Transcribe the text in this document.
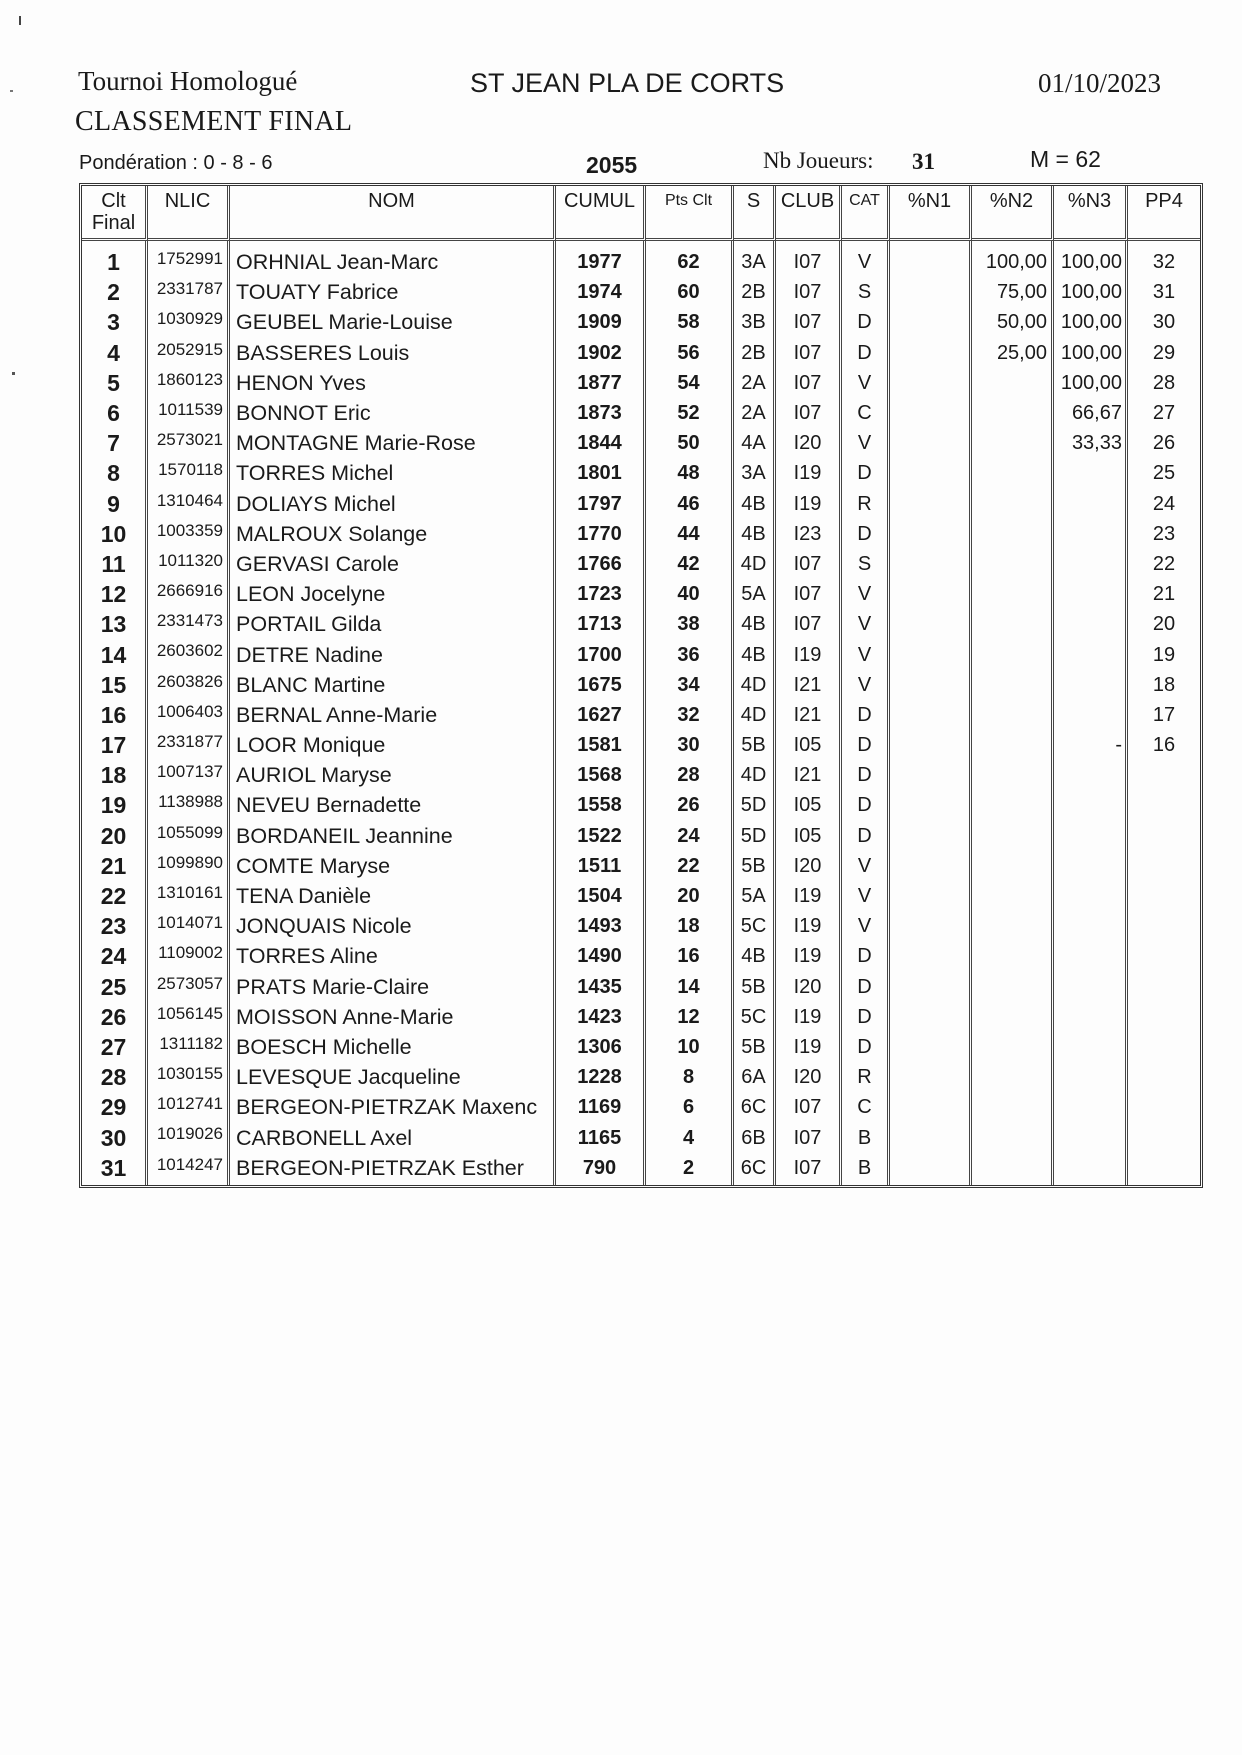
Tournoi Homologué
CLASSEMENT FINAL
ST JEAN PLA DE CORTS	01/10/2023
Pondération : 0 - 8 - 6	2055	Nb Joueurs: 31	M = 62
Clt
Final	NLIC	NOM	CUMUL	Pts Clt	S	CLUB	CAT	%N1	%N2	%N3	PP4
1	1752991	ORHNIAL Jean-Marc	1977	62	3A	I07	V		100,00	100,00	32
2	2331787	TOUATY Fabrice	1974	60	2B	I07	S		75,00	100,00	31
3	1030929	GEUBEL Marie-Louise	1909	58	3B	I07	D		50,00	100,00	30
4	2052915	BASSERES Louis	1902	56	2B	I07	D		25,00	100,00	29
5	1860123	HENON Yves	1877	54	2A	I07	V			100,00	28
6	1011539	BONNOT Eric	1873	52	2A	I07	C			66,67	27
7	2573021	MONTAGNE Marie-Rose	1844	50	4A	I20	V			33,33	26
8	1570118	TORRES Michel	1801	48	3A	I19	D				25
9	1310464	DOLIAYS Michel	1797	46	4B	I19	R				24
10	1003359	MALROUX Solange	1770	44	4B	I23	D				23
11	1011320	GERVASI Carole	1766	42	4D	I07	S				22
12	2666916	LEON Jocelyne	1723	40	5A	I07	V				21
13	2331473	PORTAIL Gilda	1713	38	4B	I07	V				20
14	2603602	DETRE Nadine	1700	36	4B	I19	V				19
15	2603826	BLANC Martine	1675	34	4D	I21	V				18
16	1006403	BERNAL Anne-Marie	1627	32	4D	I21	D				17
17	2331877	LOOR Monique	1581	30	5B	I05	D			-	16
18	1007137	AURIOL Maryse	1568	28	4D	I21	D				
19	1138988	NEVEU Bernadette	1558	26	5D	I05	D				
20	1055099	BORDANEIL Jeannine	1522	24	5D	I05	D				
21	1099890	COMTE Maryse	1511	22	5B	I20	V				
22	1310161	TENA Danièle	1504	20	5A	I19	V				
23	1014071	JONQUAIS Nicole	1493	18	5C	I19	V				
24	1109002	TORRES Aline	1490	16	4B	I19	D				
25	2573057	PRATS Marie-Claire	1435	14	5B	I20	D				
26	1056145	MOISSON Anne-Marie	1423	12	5C	I19	D				
27	1311182	BOESCH Michelle	1306	10	5B	I19	D				
28	1030155	LEVESQUE Jacqueline	1228	8	6A	I20	R				
29	1012741	BERGEON-PIETRZAK Maxenc	1169	6	6C	I07	C				
30	1019026	CARBONELL Axel	1165	4	6B	I07	B				
31	1014247	BERGEON-PIETRZAK Esther	790	2	6C	I07	B				
